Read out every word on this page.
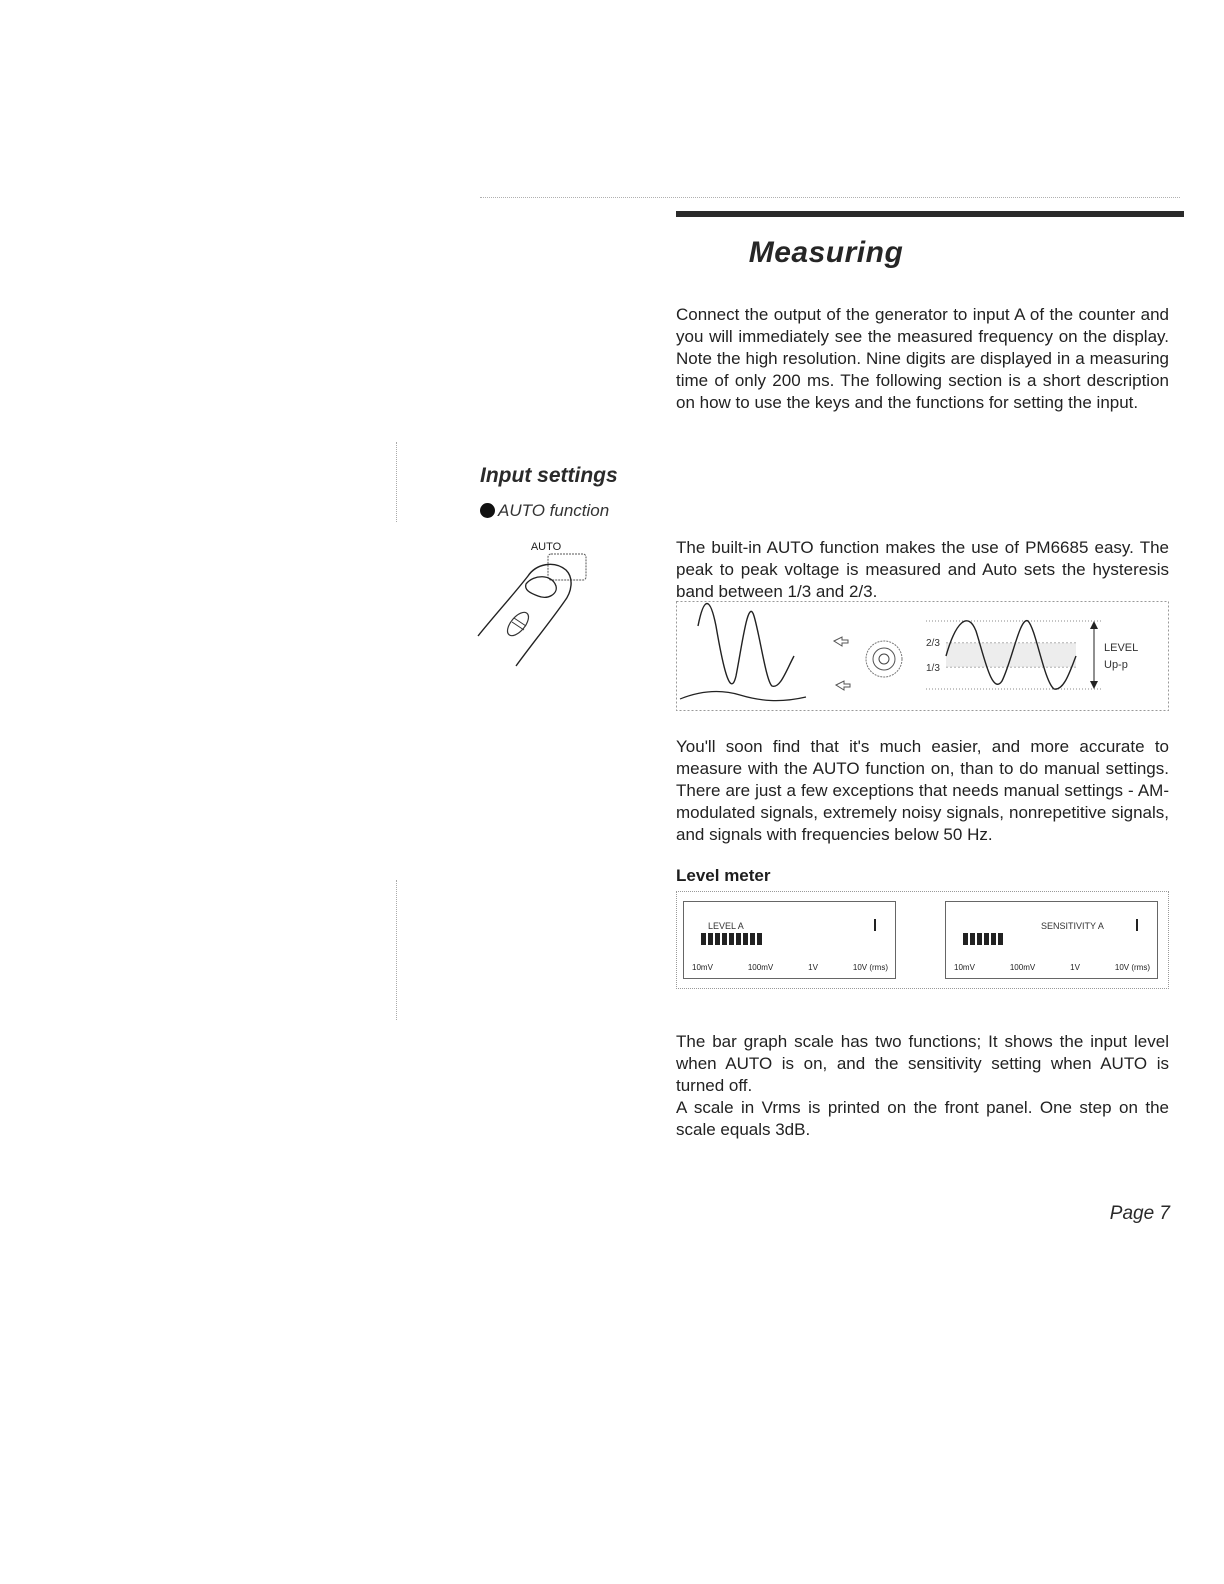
Measuring
Connect the output of the generator to input A of the counter and you will immediately see the measured frequency on the display. Note the high resolution. Nine digits are displayed in a measuring time of only 200 ms. The following section is a short description on how to use the keys and the functions for setting the input.
Input settings
AUTO function
AUTO	The built-in AUTO function makes the use of PM6685 easy. The peak to peak voltage is measured and Auto sets the hysteresis band between 1/3 and 2/3.
2/3
1/3
LEVEL
Up-p
You'll soon find that it's much easier, and more accurate to measure with the AUTO function on, than to do manual settings. There are just a few exceptions that needs manual settings - AM-modulated signals, extremely noisy signals, nonrepetitive signals, and signals with frequencies below 50 Hz.
Level meter
LEVEL A
10mV	100mV	1V	10V (rms)
SENSITIVITY A
10mV	100mV	1V	10V (rms)
The bar graph scale has two functions; It shows the input level when AUTO is on, and the sensitivity setting when AUTO is turned off.
A scale in Vrms is printed on the front panel. One step on the scale equals 3dB.
Page 7
